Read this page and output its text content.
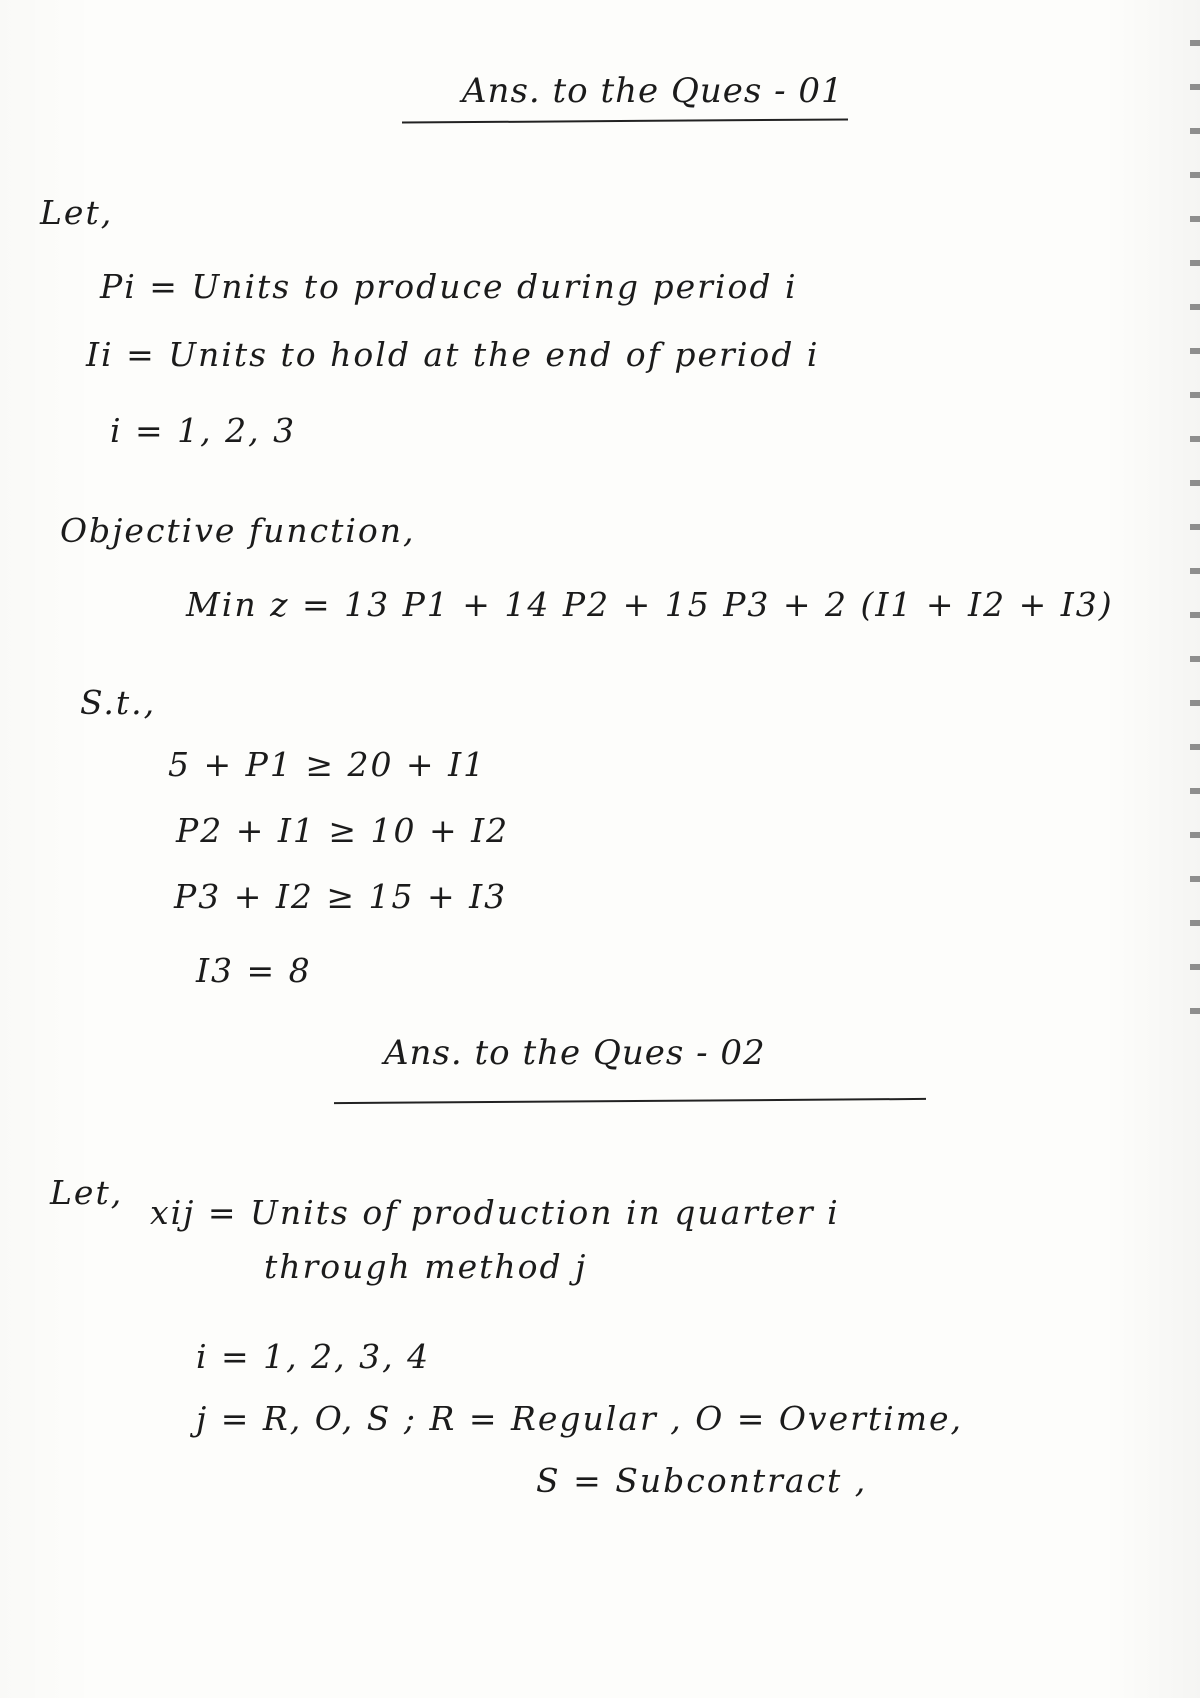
Ans. to the Ques - 01
Let,
Pi = Units to produce during period i
Ii = Units to hold at the end of period i
i = 1, 2, 3
Objective function,
Min z = 13 P1 + 14 P2 + 15 P3 + 2 (I1 + I2 + I3)
S.t.,
5 + P1 ≥ 20 + I1
P2 + I1 ≥ 10 + I2
P3 + I2 ≥ 15 + I3
I3 = 8
Ans. to the Ques - 02
Let,
xij = Units of production in quarter i
through method j
i = 1, 2, 3, 4
j = R, O, S ; R = Regular , O = Overtime,
S = Subcontract ,
